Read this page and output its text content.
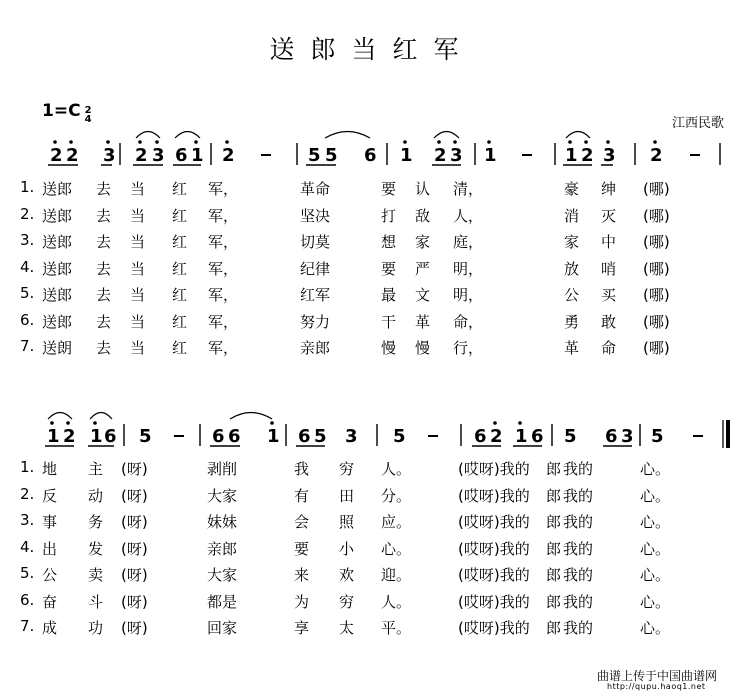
送郎当红军
1=C 2
4	江西民歌
2 2 3 2 3 6 1 2	5 5 6 1 2 3 1	1 2 3 2
1 2 1 6 5	6 6 1 6 5 3 5	6 2 1 6 5 6 3 5
1. 送郎 去 当 红 军，	革命	要 认 清，	豪 绅 (哪)
2. 送郎 去 当 红 军，	坚决	打 敌 人，	消 灭 (哪)
3. 送郎 去 当 红 军，	切莫	想 家 庭，	家 中 (哪)
4. 送郎 去 当 红 军，	纪律	要 严 明，	放 哨 (哪)
5. 送郎 去 当 红 军，	红军	最 文 明，	公 买 (哪)
6. 送郎 去 当 红 军，	努力	干 革 命，	勇 敢 (哪)
7. 送朗 去 当 红 军，	亲郎	慢 慢 行，	革 命 (哪)
1. 地 主 (呀)	剥削	我 穷 人。	(哎呀)我的 郎 我的	心。
2. 反 动 (呀)	大家	有 田 分。	(哎呀)我的 郎 我的	心。
3. 事 务 (呀)	妹妹	会 照 应。	(哎呀)我的 郎 我的	心。
4. 出 发 (呀)	亲郎	要 小 心。	(哎呀)我的 郎 我的	心。
5. 公 卖 (呀)	大家	来 欢 迎。	(哎呀)我的 郎 我的	心。
6. 奋 斗 (呀)	都是	为 穷 人。	(哎呀)我的 郎 我的	心。
7. 成 功 (呀)	回家	享 太 平。	(哎呀)我的 郎 我的	心。
曲谱上传于中国曲谱网
http://qupu.haoq1.net
